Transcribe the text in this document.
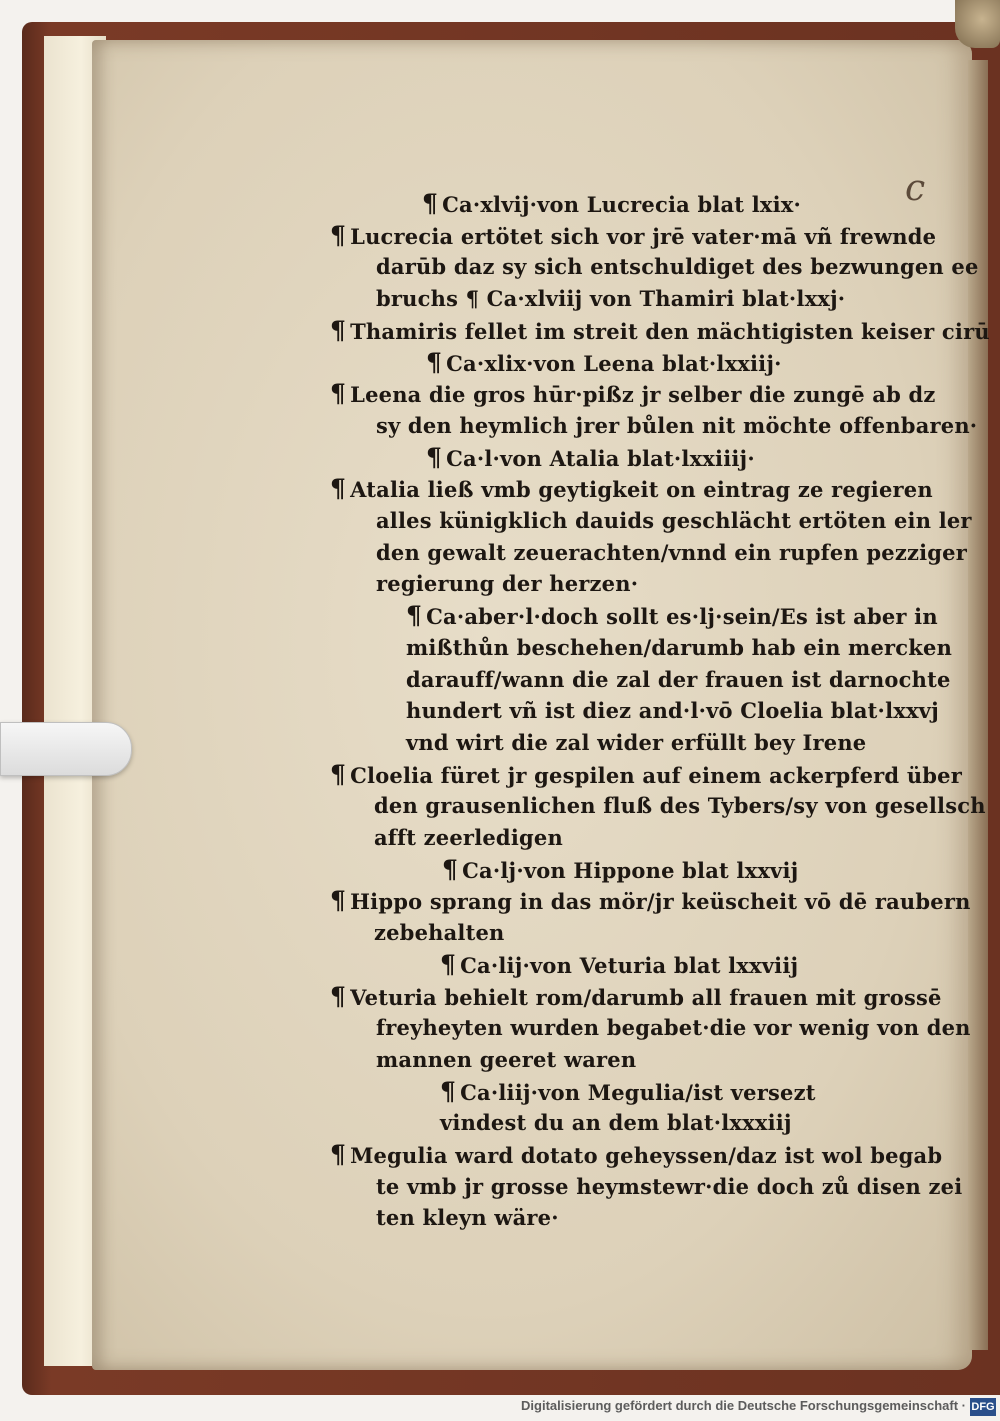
c
¶ Ca·xlvij·von Lucrecia blat lxix·
¶ Lucrecia ertötet sich vor jrē vater·mā vñ frewnde
darūb daz sy sich entschuldiget des bezwungen ee
bruchs ¶ Ca·xlviij von Thamiri blat·lxxj·
¶ Thamiris fellet im streit den mächtigisten keiser cirū
¶ Ca·xlix·von Leena blat·lxxiij·
¶ Leena die gros hūr·pißz jr selber die zungē ab dz
sy den heymlich jrer bůlen nit möchte offenbaren·
¶ Ca·l·von Atalia blat·lxxiiij·
¶ Atalia ließ vmb geytigkeit on eintrag ze regieren
alles künigklich dauids geschlächt ertöten ein ler
den gewalt zeuerachten/vnnd ein rupfen pezziger
regierung der herzen·
¶ Ca·aber·l·doch sollt es·lj·sein/Es ist aber in
mißthůn beschehen/darumb hab ein mercken
darauff/wann die zal der frauen ist darnochte
hundert vñ ist diez and·l·vō Cloelia blat·lxxvj
vnd wirt die zal wider erfüllt bey Irene
¶ Cloelia füret jr gespilen auf einem ackerpferd über
den grausenlichen fluß des Tybers/sy von gesellsch
afft zeerledigen
¶ Ca·lj·von Hippone blat lxxvij
¶ Hippo sprang in das mör/jr keüscheit vō dē raubern
zebehalten
¶ Ca·lij·von Veturia blat lxxviij
¶ Veturia behielt rom/darumb all frauen mit grossē
freyheyten wurden begabet·die vor wenig von den
mannen geeret waren
¶ Ca·liij·von Megulia/ist versezt
vindest du an dem blat·lxxxiij
¶ Megulia ward dotato geheyssen/daz ist wol begab
te vmb jr grosse heymstewr·die doch zů disen zei
ten kleyn wäre·
Digitalisierung gefördert durch die Deutsche Forschungsgemeinschaft · DFG
